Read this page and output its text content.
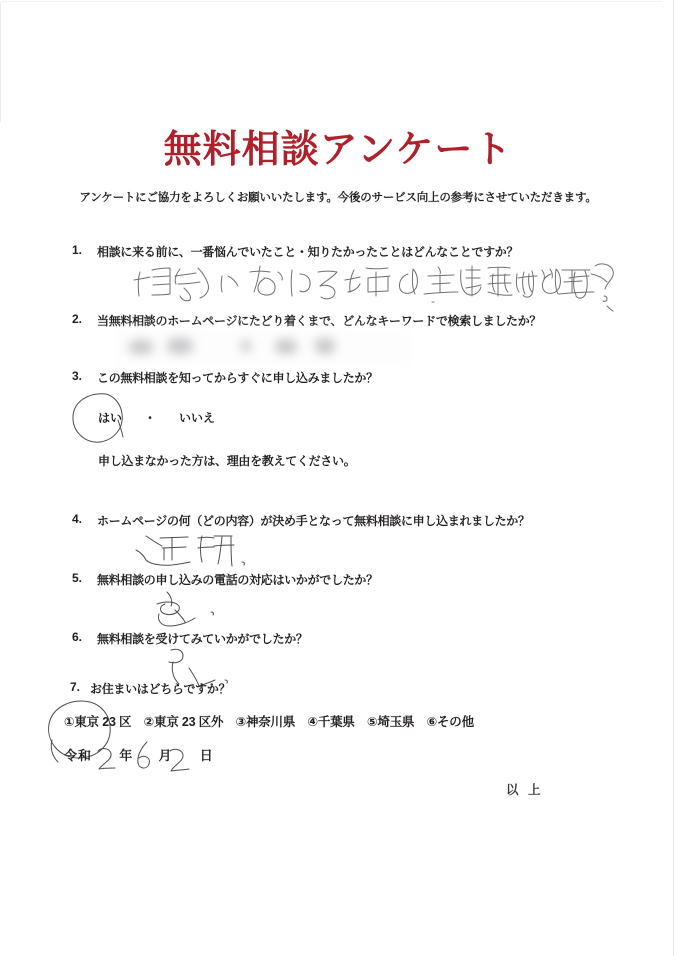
無料相談アンケート
アンケートにご協力をよろしくお願いいたします。今後のサービス向上の参考にさせていただきます。
1. 相談に来る前に、一番悩んでいたこと・知りたかったことはどんなことですか？
2. 当無料相談のホームページにたどり着くまで、どんなキーワードで検索しましたか？
3. この無料相談を知ってからすぐに申し込みましたか？
はい ・ いいえ
申し込まなかった方は、理由を教えてください。
4. ホームページの何（どの内容）が決め手となって無料相談に申し込まれましたか？
5. 無料相談の申し込みの電話の対応はいかがでしたか？
6. 無料相談を受けてみていかがでしたか？
7. お住まいはどちらですか？
①東京 23 区　②東京 23 区外　③神奈川県　④千葉県　⑤埼玉県　⑥その他
令和 年 月 日
以 上
